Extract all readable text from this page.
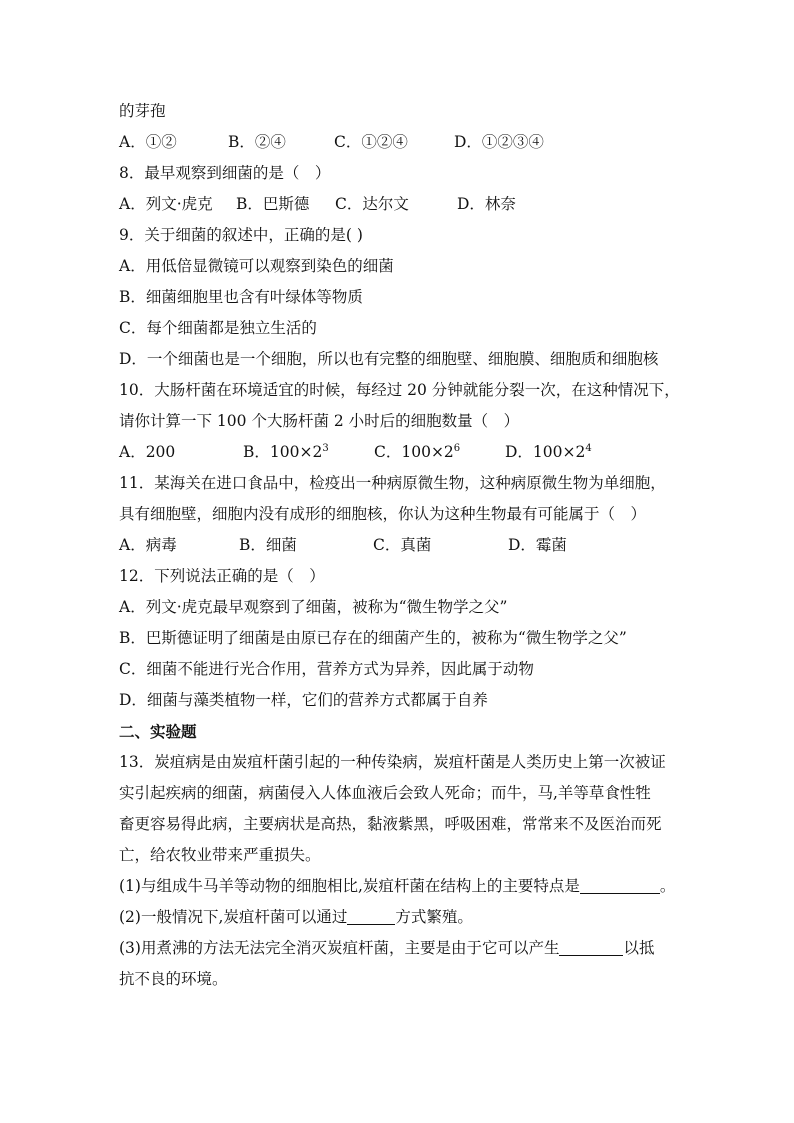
的芽孢
A．①②	B．②④	C．①②④	D．①②③④
8．最早观察到细菌的是（　）
A．列文·虎克	B．巴斯德	C．达尔文	D．林奈
9．关于细菌的叙述中，正确的是( )
A．用低倍显微镜可以观察到染色的细菌
B．细菌细胞里也含有叶绿体等物质
C．每个细菌都是独立生活的
D．一个细菌也是一个细胞，所以也有完整的细胞壁、细胞膜、细胞质和细胞核
10．大肠杆菌在环境适宜的时候，每经过 20 分钟就能分裂一次，在这种情况下，
请你计算一下 100 个大肠杆菌 2 小时后的细胞数量（　）
A．200	B．$100\times 2^3$	C．$100\times 2^6$	D．$100\times 2^4$
11．某海关在进口食品中，检疫出一种病原微生物，这种病原微生物为单细胞，
具有细胞壁，细胞内没有成形的细胞核，你认为这种生物最有可能属于（　）
A．病毒	B．细菌	C．真菌	D．霉菌
12．下列说法正确的是（　）
A．列文·虎克最早观察到了细菌，被称为“微生物学之父”
B．巴斯德证明了细菌是由原已存在的细菌产生的，被称为“微生物学之父”
C．细菌不能进行光合作用，营养方式为异养，因此属于动物
D．细菌与藻类植物一样，它们的营养方式都属于自养
二、实验题
13．炭疽病是由炭疽杆菌引起的一种传染病，炭疽杆菌是人类历史上第一次被证
实引起疾病的细菌，病菌侵入人体血液后会致人死命；而牛，马,羊等草食性牲
畜更容易得此病，主要病状是高热，黏液紫黑，呼吸困难，常常来不及医治而死
亡，给农牧业带来严重损失。
(1)与组成牛马羊等动物的细胞相比,炭疽杆菌在结构上的主要特点是	。
(2)一般情况下,炭疽杆菌可以通过	方式繁殖。
(3)用煮沸的方法无法完全消灭炭疽杆菌，主要是由于它可以产生	以抵
抗不良的环境。
